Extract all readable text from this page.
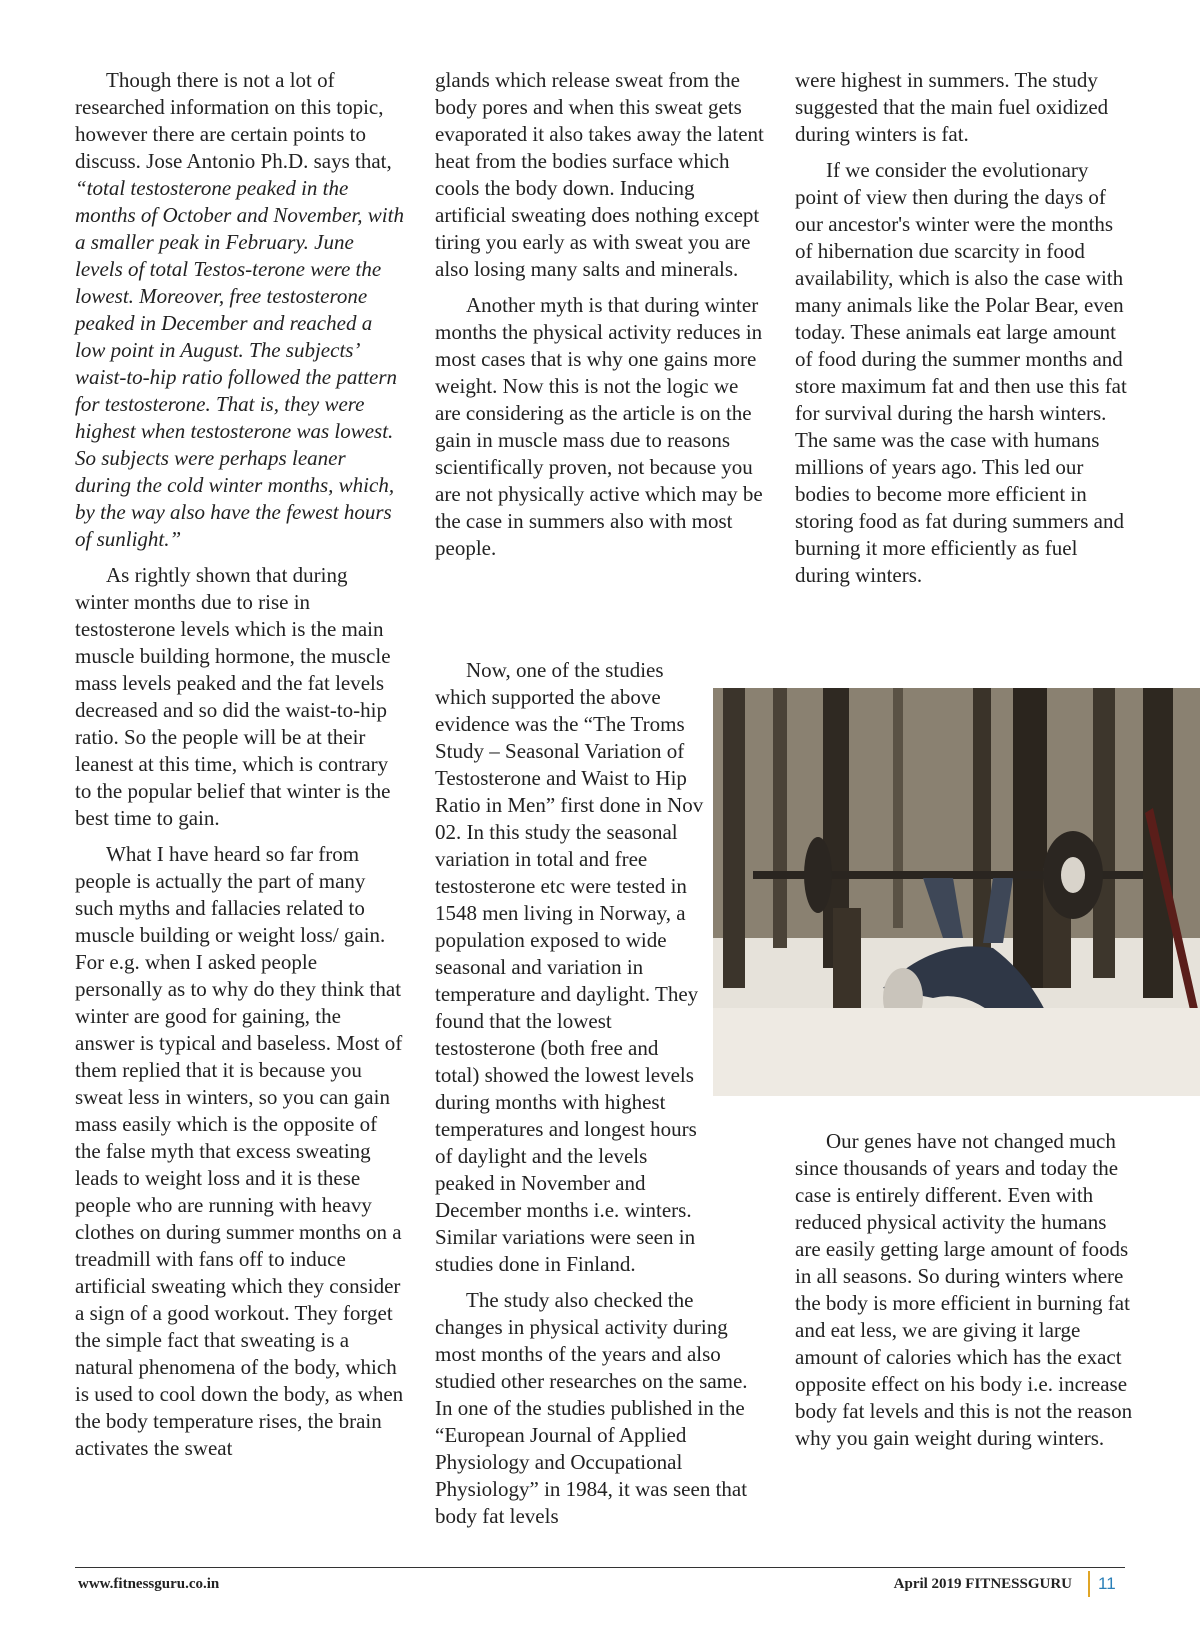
Though there is not a lot of researched information on this topic, however there are certain points to discuss. Jose Antonio Ph.D. says that, “total testosterone peaked in the months of October and November, with a smaller peak in February. June levels of total Testos-terone were the lowest. Moreover, free testosterone peaked in December and reached a low point in August. The subjects’ waist-to-hip ratio followed the pattern for testosterone. That is, they were highest when testosterone was lowest. So subjects were perhaps leaner during the cold winter months, which, by the way also have the fewest hours of sunlight.”

As rightly shown that during winter months due to rise in testosterone levels which is the main muscle building hormone, the muscle mass levels peaked and the fat levels decreased and so did the waist-to-hip ratio. So the people will be at their leanest at this time, which is contrary to the popular belief that winter is the best time to gain.

What I have heard so far from people is actually the part of many such myths and fallacies related to muscle building or weight loss/ gain. For e.g. when I asked people personally as to why do they think that winter are good for gaining, the answer is typical and baseless. Most of them replied that it is because you sweat less in winters, so you can gain mass easily which is the opposite of the false myth that excess sweating leads to weight loss and it is these people who are running with heavy clothes on during summer months on a treadmill with fans off to induce artificial sweating which they consider a sign of a good workout. They forget the simple fact that sweating is a natural phenomena of the body, which is used to cool down the body, as when the body temperature rises, the brain activates the sweat

glands which release sweat from the body pores and when this sweat gets evaporated it also takes away the latent heat from the bodies surface which cools the body down. Inducing artificial sweating does nothing except tiring you early as with sweat you are also losing many salts and minerals.

Another myth is that during winter months the physical activity reduces in most cases that is why one gains more weight. Now this is not the logic we are considering as the article is on the gain in muscle mass due to reasons scientifically proven, not because you are not physically active which may be the case in summers also with most people.

Now, one of the studies which supported the above evidence was the “The Troms Study – Seasonal Variation of Testosterone and Waist to Hip Ratio in Men” first done in Nov 02. In this study the seasonal variation in total and free testosterone etc were tested in 1548 men living in Norway, a population exposed to wide seasonal and variation in temperature and daylight. They found that the lowest testosterone (both free and total) showed the lowest levels during months with highest temperatures and longest hours of daylight and the levels peaked in November and December months i.e. winters. Similar variations were seen in studies done in Finland.

The study also checked the changes in physical activity during most months of the years and also studied other researches on the same. In one of the studies published in the “European Journal of Applied Physiology and Occupational Physiology” in 1984, it was seen that body fat levels

were highest in summers. The study suggested that the main fuel oxidized during winters is fat.

If we consider the evolutionary point of view then during the days of our ancestor's winter were the months of hibernation due scarcity in food availability, which is also the case with many animals like the Polar Bear, even today. These animals eat large amount of food during the summer months and store maximum fat and then use this fat for survival during the harsh winters. The same was the case with humans millions of years ago. This led our bodies to become more efficient in storing food as fat during summers and burning it more efficiently as fuel during winters.

Our genes have not changed much since thousands of years and today the case is entirely different. Even with reduced physical activity the humans are easily getting large amount of foods in all seasons. So during winters where the body is more efficient in burning fat and eat less, we are giving it large amount of calories which has the exact opposite effect on his body i.e. increase body fat levels and this is not the reason why you gain weight during winters.

www.fitnessguru.co.in	April 2019 FITNESSGURU 11
